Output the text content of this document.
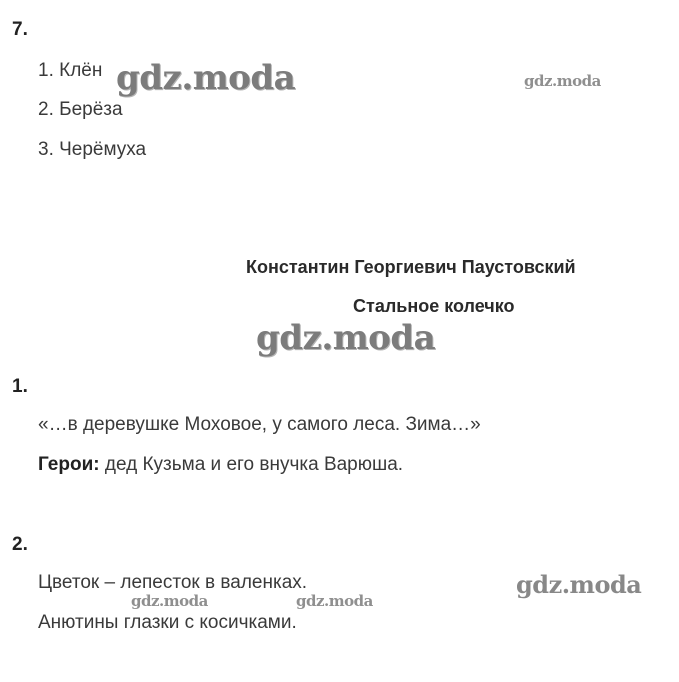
7.
1. Клён
2. Берёза
3. Черёмуха
Константин Георгиевич Паустовский
Стальное колечко
1.
«…в деревушке Моховое, у самого леса. Зима…»
Герои: дед Кузьма и его внучка Варюша.
2.
Цветок – лепесток в валенках.
Анютины глазки с косичками.
gdz.moda	gdz.moda
gdz.moda
gdz.moda
gdz.moda	gdz.moda
